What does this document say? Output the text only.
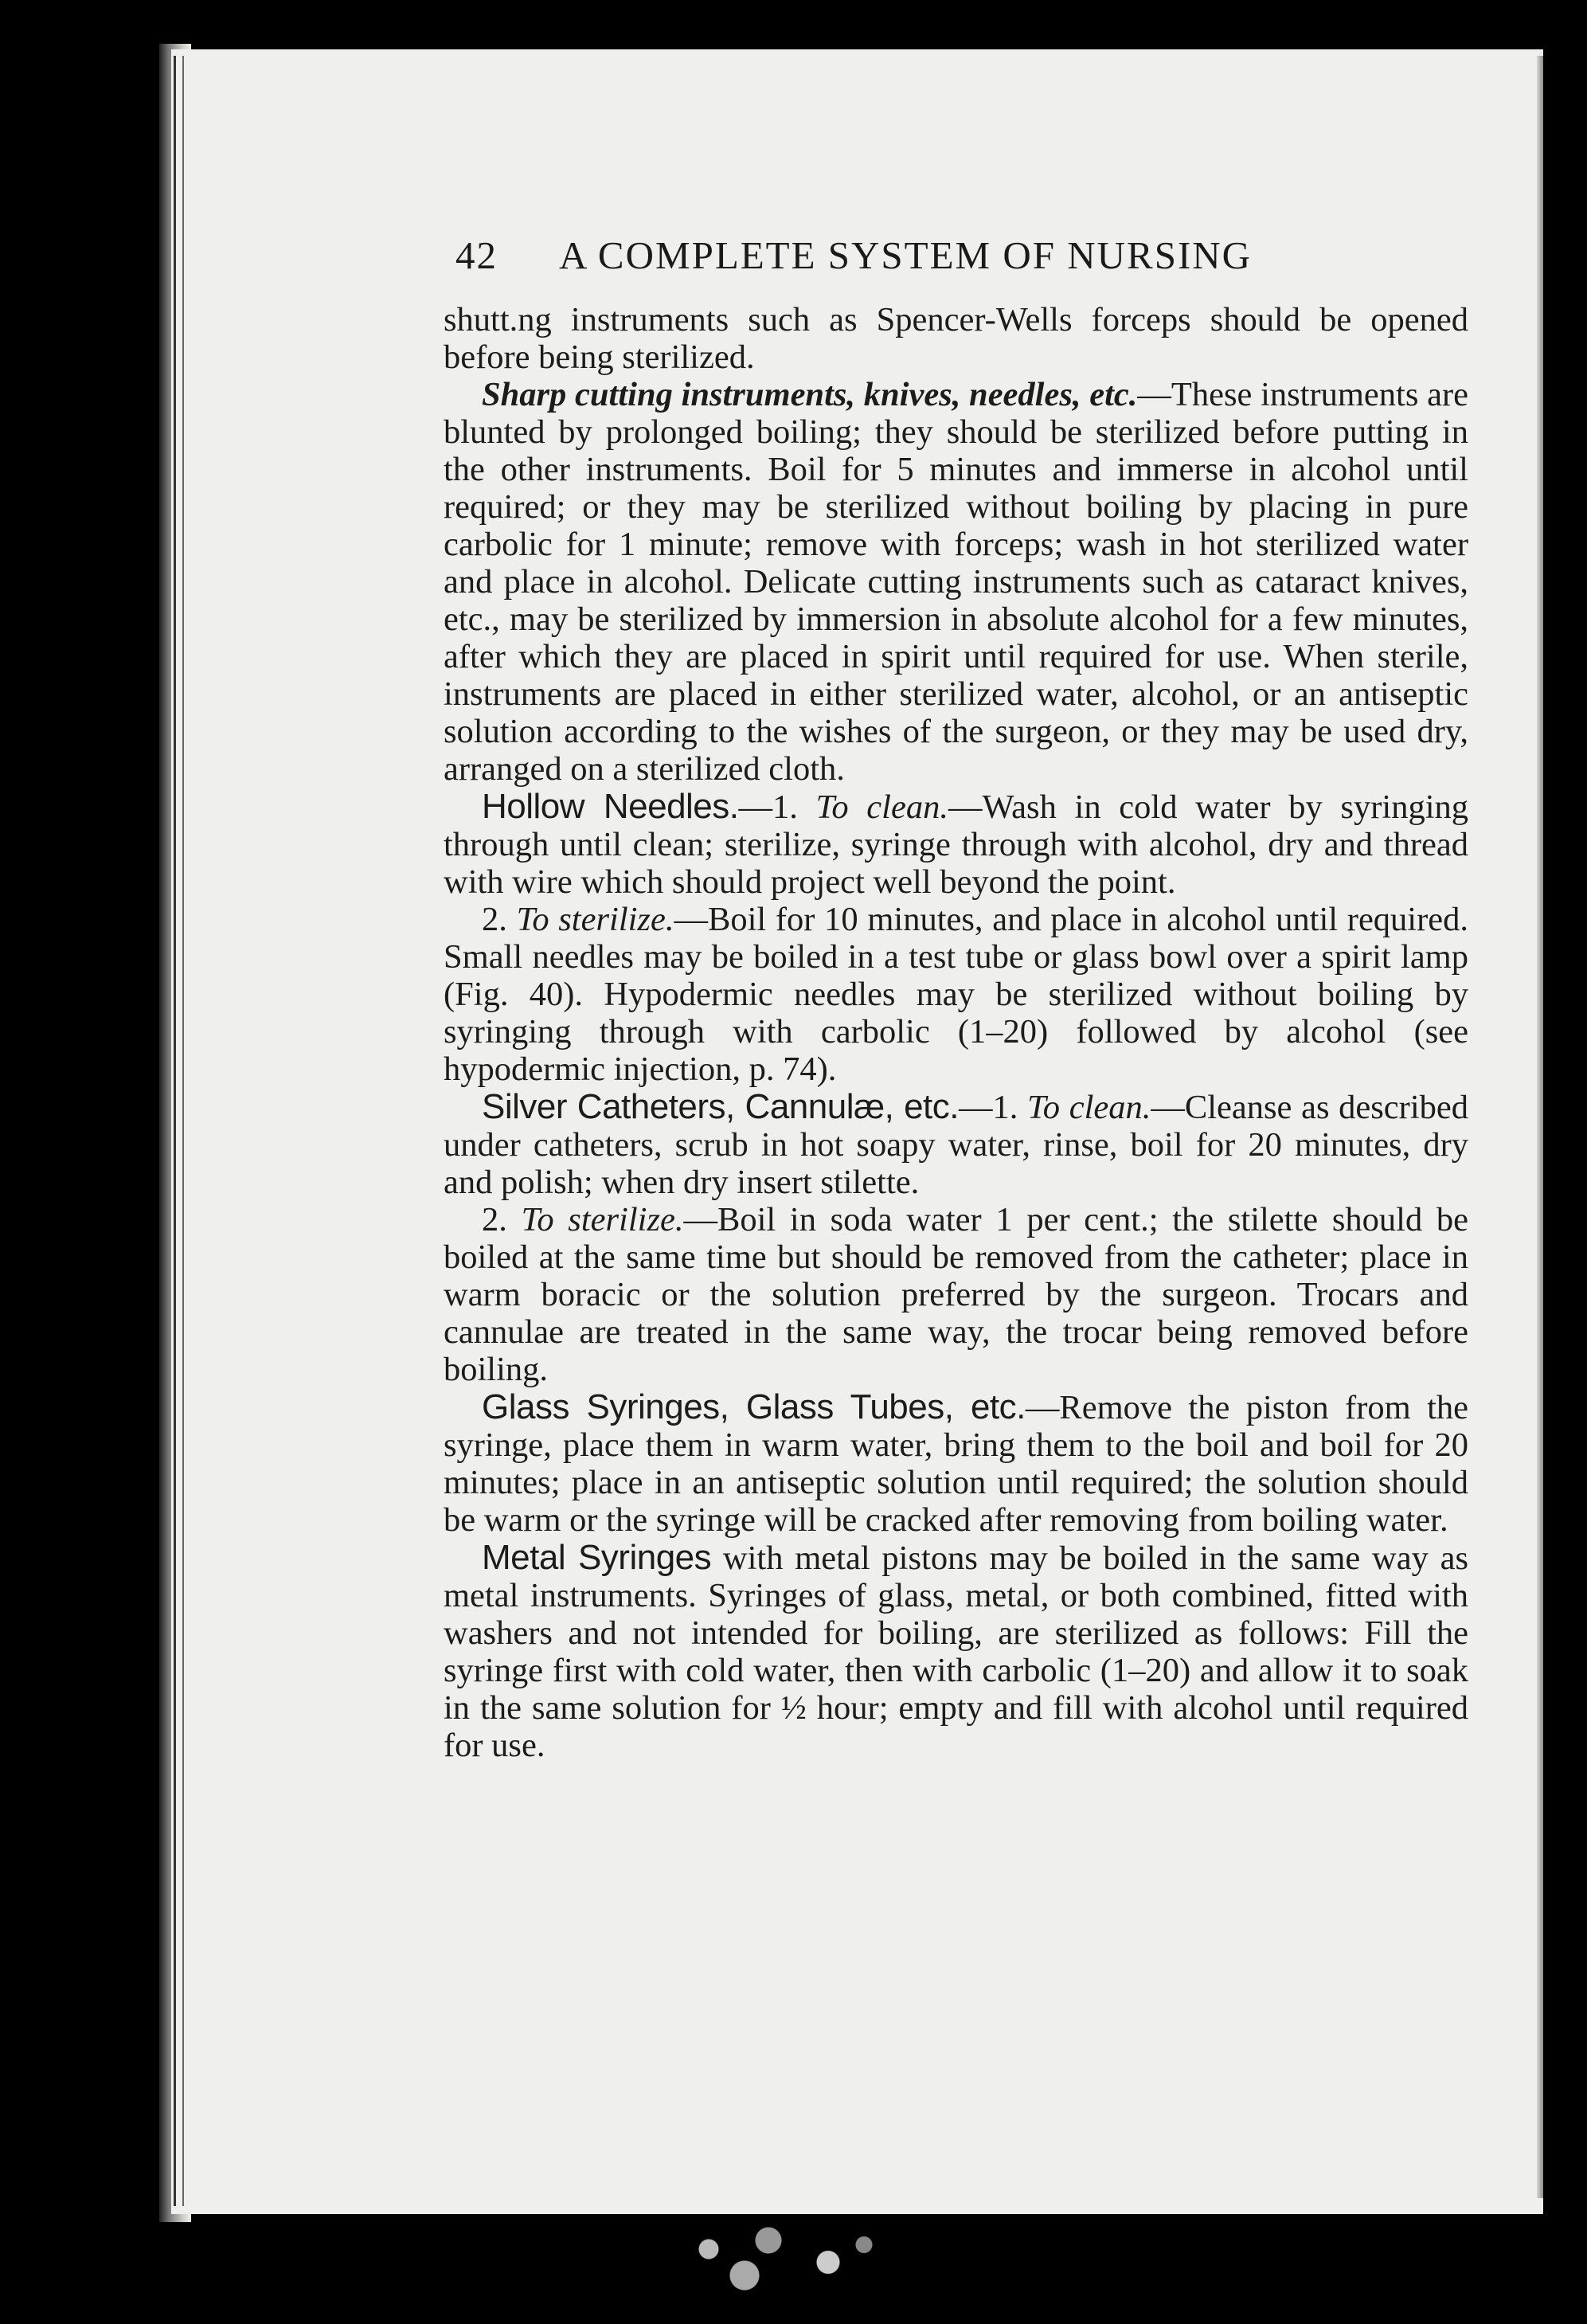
42 A COMPLETE SYSTEM OF NURSING

shutt.ng instruments such as Spencer-Wells forceps should be opened before being sterilized.

Sharp cutting instruments, knives, needles, etc.—These instruments are blunted by prolonged boiling; they should be sterilized before putting in the other instruments. Boil for 5 minutes and immerse in alcohol until required; or they may be sterilized without boiling by placing in pure carbolic for 1 minute; remove with forceps; wash in hot sterilized water and place in alcohol. Delicate cutting instruments such as cataract knives, etc., may be sterilized by immersion in absolute alcohol for a few minutes, after which they are placed in spirit until required for use. When sterile, instruments are placed in either sterilized water, alcohol, or an antiseptic solution according to the wishes of the surgeon, or they may be used dry, arranged on a sterilized cloth.

Hollow Needles.—1. To clean.—Wash in cold water by syringing through until clean; sterilize, syringe through with alcohol, dry and thread with wire which should project well beyond the point.

2. To sterilize.—Boil for 10 minutes, and place in alcohol until required. Small needles may be boiled in a test tube or glass bowl over a spirit lamp (Fig. 40). Hypodermic needles may be sterilized without boiling by syringing through with carbolic (1–20) followed by alcohol (see hypodermic injection, p. 74).

Silver Catheters, Cannulæ, etc.—1. To clean.—Cleanse as described under catheters, scrub in hot soapy water, rinse, boil for 20 minutes, dry and polish; when dry insert stilette.

2. To sterilize.—Boil in soda water 1 per cent.; the stilette should be boiled at the same time but should be removed from the catheter; place in warm boracic or the solution preferred by the surgeon. Trocars and cannulae are treated in the same way, the trocar being removed before boiling.

Glass Syringes, Glass Tubes, etc.—Remove the piston from the syringe, place them in warm water, bring them to the boil and boil for 20 minutes; place in an antiseptic solution until required; the solution should be warm or the syringe will be cracked after removing from boiling water.

Metal Syringes with metal pistons may be boiled in the same way as metal instruments. Syringes of glass, metal, or both combined, fitted with washers and not intended for boiling, are sterilized as follows: Fill the syringe first with cold water, then with carbolic (1–20) and allow it to soak in the same solution for ½ hour; empty and fill with alcohol until required for use.
